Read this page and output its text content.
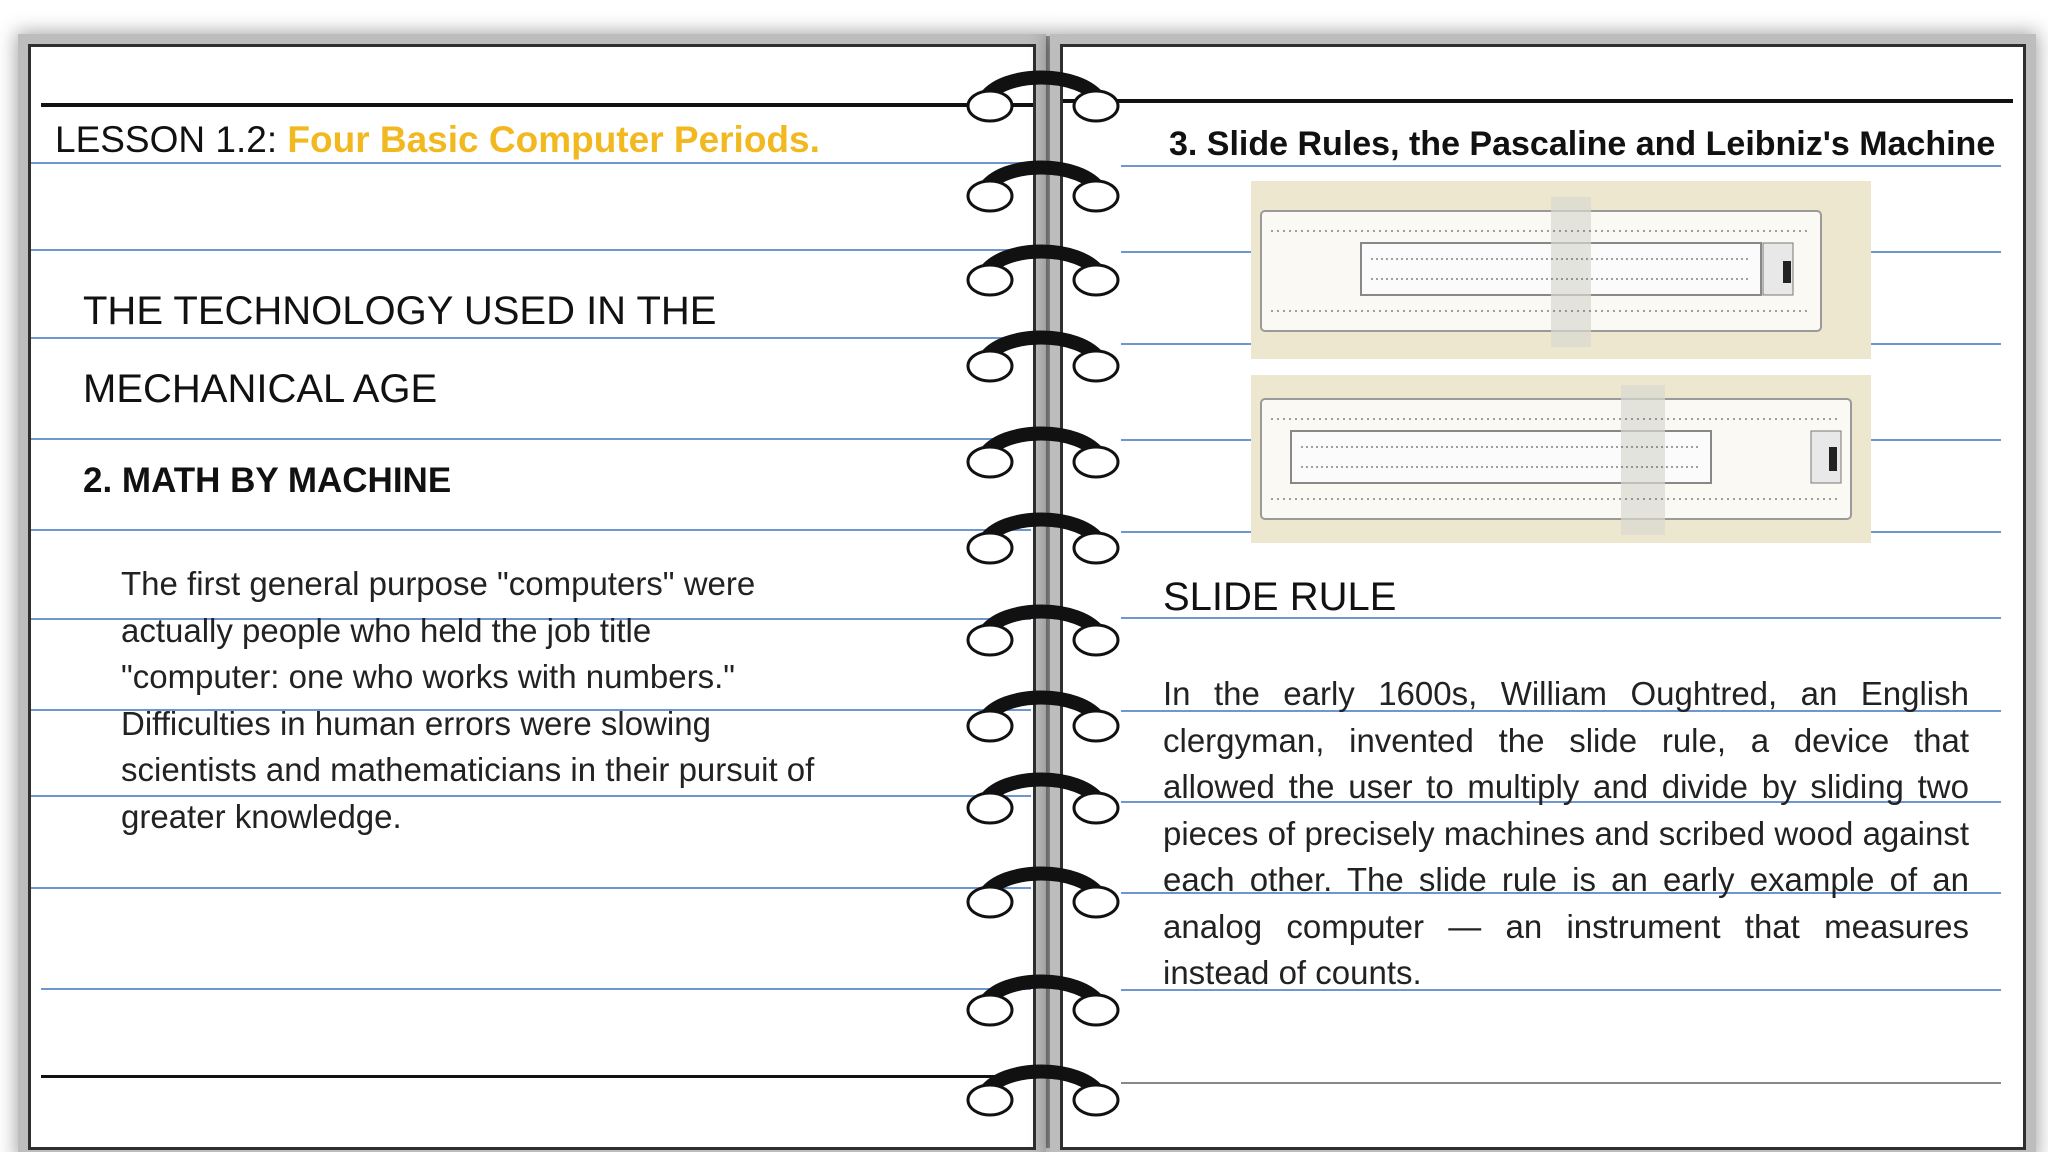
LESSON 1.2: Four Basic Computer Periods.
THE TECHNOLOGY USED IN THE
MECHANICAL AGE
2. MATH BY MACHINE
The first general purpose "computers" were
actually people who held the job title
"computer: one who works with numbers."
Difficulties in human errors were slowing
scientists and mathematicians in their pursuit of
greater knowledge.
3. Slide Rules, the Pascaline and Leibniz's Machine
SLIDE RULE
In the early 1600s, William Oughtred, an English clergyman, invented the slide rule, a device that allowed the user to multiply and divide by sliding two pieces of precisely machines and scribed wood against each other. The slide rule is an early example of an analog computer — an instrument that measures instead of counts.
